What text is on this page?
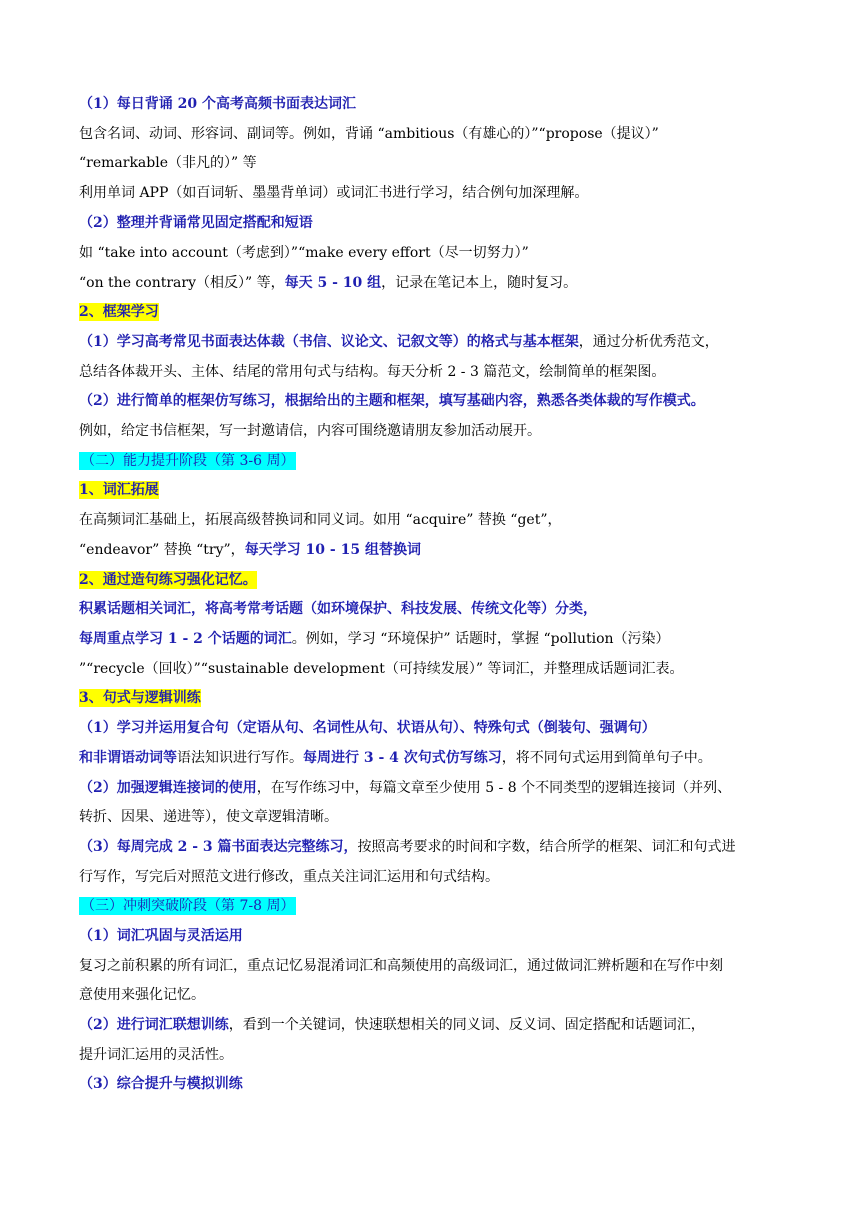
（1）每日背诵 20 个高考高频书面表达词汇
包含名词、动词、形容词、副词等。例如，背诵 “ambitious（有雄心的）”“propose（提议）”
“remarkable（非凡的）” 等
利用单词 APP（如百词斩、墨墨背单词）或词汇书进行学习，结合例句加深理解。
（2）整理并背诵常见固定搭配和短语
如 “take into account（考虑到）”“make every effort（尽一切努力）”
“on the contrary（相反）” 等，每天 5 - 10 组，记录在笔记本上，随时复习。
2、框架学习
（1）学习高考常见书面表达体裁（书信、议论文、记叙文等）的格式与基本框架，通过分析优秀范文，
总结各体裁开头、主体、结尾的常用句式与结构。每天分析 2 - 3 篇范文，绘制简单的框架图。
（2）进行简单的框架仿写练习，根据给出的主题和框架，填写基础内容，熟悉各类体裁的写作模式。
例如，给定书信框架，写一封邀请信，内容可围绕邀请朋友参加活动展开。
（二）能力提升阶段（第 3-6 周）
1、词汇拓展
在高频词汇基础上，拓展高级替换词和同义词。如用 “acquire” 替换 “get”，
“endeavor” 替换 “try”，每天学习 10 - 15 组替换词
2、通过造句练习强化记忆。
积累话题相关词汇，将高考常考话题（如环境保护、科技发展、传统文化等）分类，
每周重点学习 1 - 2 个话题的词汇。例如，学习 “环境保护” 话题时，掌握 “pollution（污染）
”“recycle（回收）”“sustainable development（可持续发展）” 等词汇，并整理成话题词汇表。
3、句式与逻辑训练
（1）学习并运用复合句（定语从句、名词性从句、状语从句）、特殊句式（倒装句、强调句）
和非谓语动词等语法知识进行写作。每周进行 3 - 4 次句式仿写练习，将不同句式运用到简单句子中。
（2）加强逻辑连接词的使用，在写作练习中，每篇文章至少使用 5 - 8 个不同类型的逻辑连接词（并列、
转折、因果、递进等），使文章逻辑清晰。
（3）每周完成 2 - 3 篇书面表达完整练习，按照高考要求的时间和字数，结合所学的框架、词汇和句式进
行写作，写完后对照范文进行修改，重点关注词汇运用和句式结构。
（三）冲刺突破阶段（第 7-8 周）
（1）词汇巩固与灵活运用
复习之前积累的所有词汇，重点记忆易混淆词汇和高频使用的高级词汇，通过做词汇辨析题和在写作中刻
意使用来强化记忆。
（2）进行词汇联想训练，看到一个关键词，快速联想相关的同义词、反义词、固定搭配和话题词汇，
提升词汇运用的灵活性。
（3）综合提升与模拟训练
